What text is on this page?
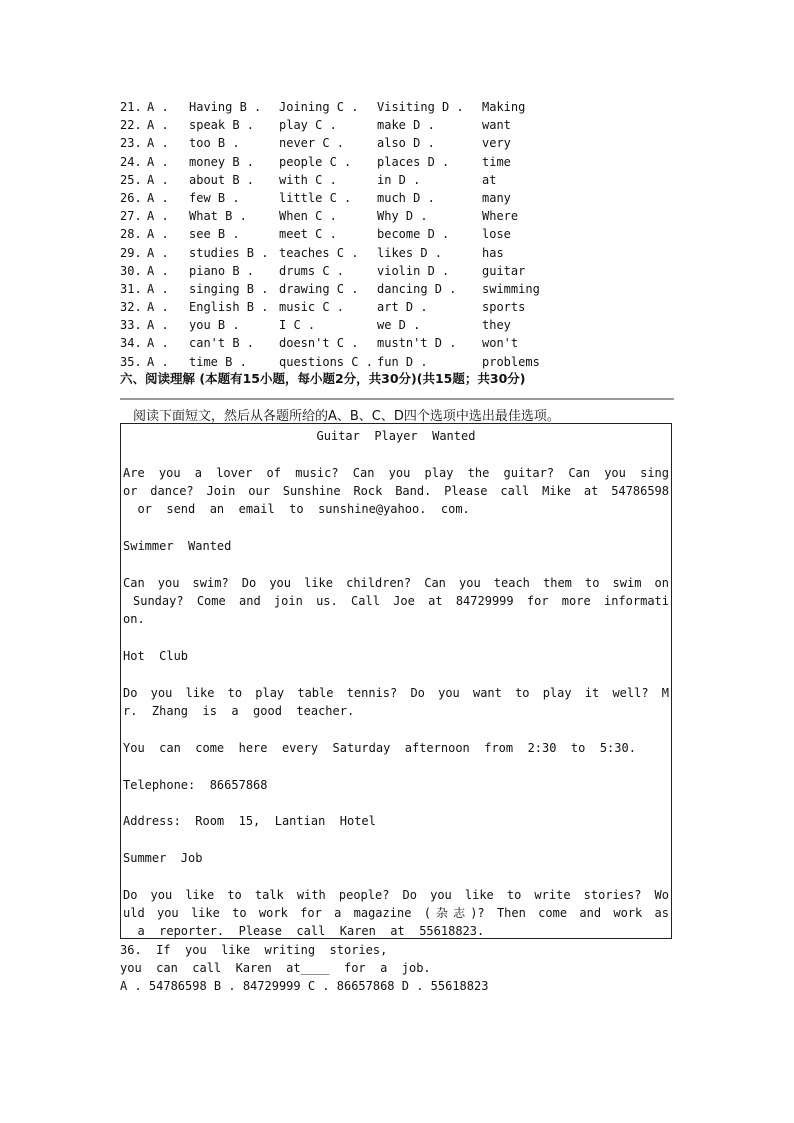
21. A .	Having B .	Joining C .	Visiting D .	Making
22. A .	speak B .	play C .	make D .	want
23. A .	too B .	never C .	also D .	very
24. A .	money B .	people C .	places D .	time
25. A .	about B .	with C .	in D .	at
26. A .	few B .	little C .	much D .	many
27. A .	What B .	When C .	Why D .	Where
28. A .	see B .	meet C .	become D .	lose
29. A .	studies B . teaches C .	likes D .	has
30. A .	piano B .	drums C .	violin D .	guitar
31. A .	singing B . drawing C .	dancing D .	swimming
32. A .	English B . music C .	art D .	sports
33. A .	you B .	I C .	we D .	they
34. A .	can't B .	doesn't C .	mustn't D .	won't
35. A .	time B .	questions C . fun D .	problems
六、阅读理解 (本题有15小题，每小题2分，共30分)(共15题；共30分)
阅读下面短文，然后从各题所给的A、B、C、D四个选项中选出最佳选项。
Guitar  Player  Wanted
Are you a lover of music? Can you play the guitar? Can you sing
or dance? Join our Sunshine Rock Band. Please call Mike at 54786598
or  send  an  email  to  sunshine@yahoo.  com.
Swimmer  Wanted
Can you swim? Do you like children? Can you teach them to swim on
Sunday? Come and join us. Call Joe at 84729999 for more informati
on.
Hot  Club
Do you like to play table tennis? Do you want to play it well? M
r.  Zhang  is  a  good  teacher.
You  can  come  here  every  Saturday  afternoon  from  2:30  to  5:30.
Telephone:  86657868
Address:  Room  15,  Lantian  Hotel
Summer  Job
Do you like to talk with people? Do you like to write stories? Wo
uld you like to work for a magazine (杂志)? Then come and work as
a  reporter.  Please  call  Karen  at  55618823.
36.  If  you  like  writing  stories,
you  can  call  Karen  at____  for  a  job.
A . 54786598 B . 84729999 C . 86657868 D . 55618823
